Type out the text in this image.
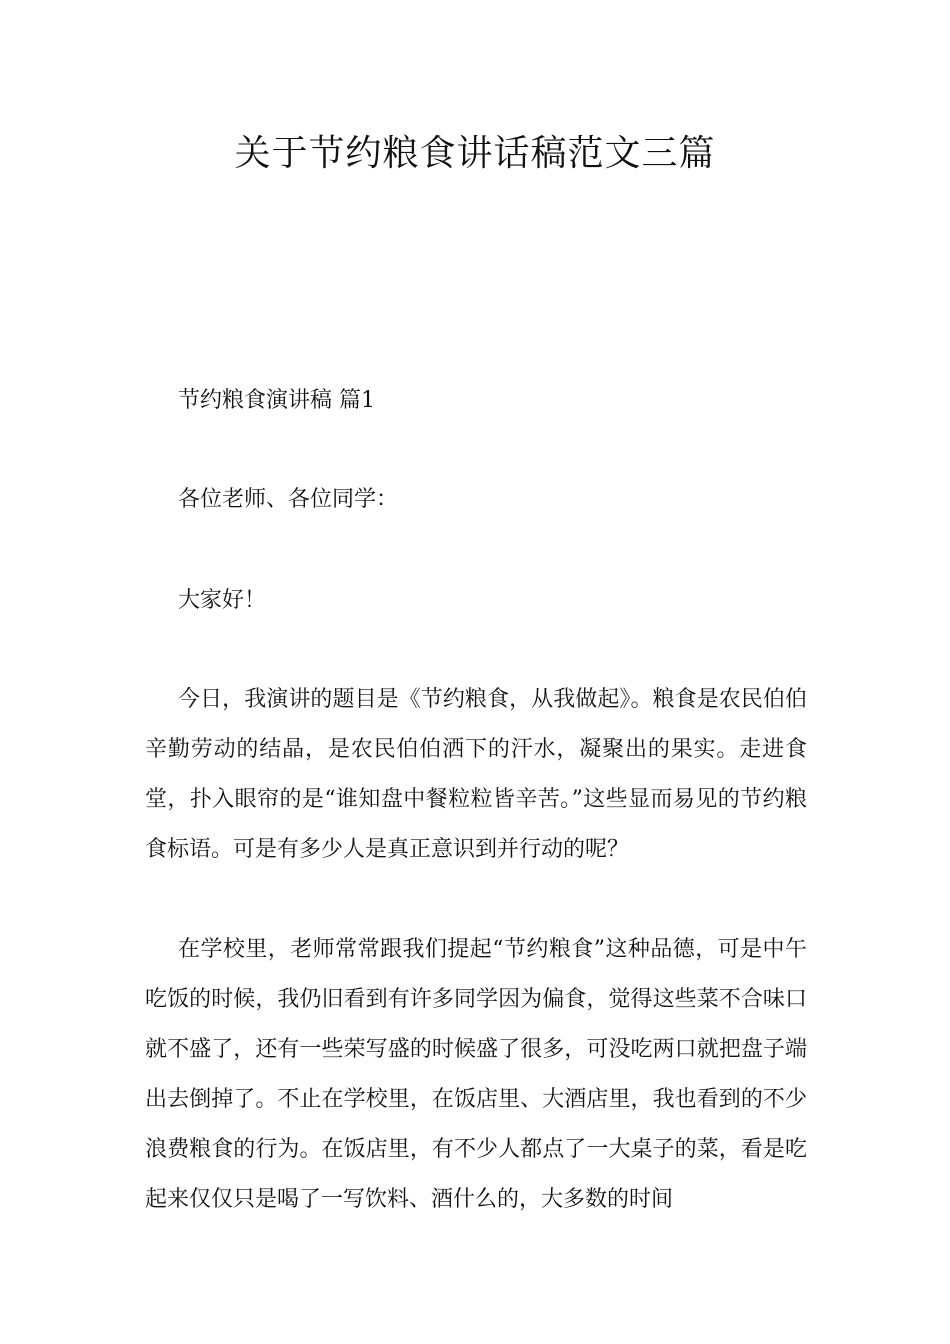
关于节约粮食讲话稿范文三篇

节约粮食演讲稿 篇1

各位老师、各位同学：

大家好！

今日，我演讲的题目是《节约粮食，从我做起》。粮食是农民伯伯辛勤劳动的结晶，是农民伯伯洒下的汗水，凝聚出的果实。走进食堂，扑入眼帘的是“谁知盘中餐粒粒皆辛苦。”这些显而易见的节约粮食标语。可是有多少人是真正意识到并行动的呢？

在学校里，老师常常跟我们提起“节约粮食”这种品德，可是中午吃饭的时候，我仍旧看到有许多同学因为偏食，觉得这些菜不合味口就不盛了，还有一些荣写盛的时候盛了很多，可没吃两口就把盘子端出去倒掉了。不止在学校里，在饭店里、大酒店里，我也看到的不少浪费粮食的行为。在饭店里，有不少人都点了一大桌子的菜，看是吃起来仅仅只是喝了一写饮料、酒什么的，大多数的时间
